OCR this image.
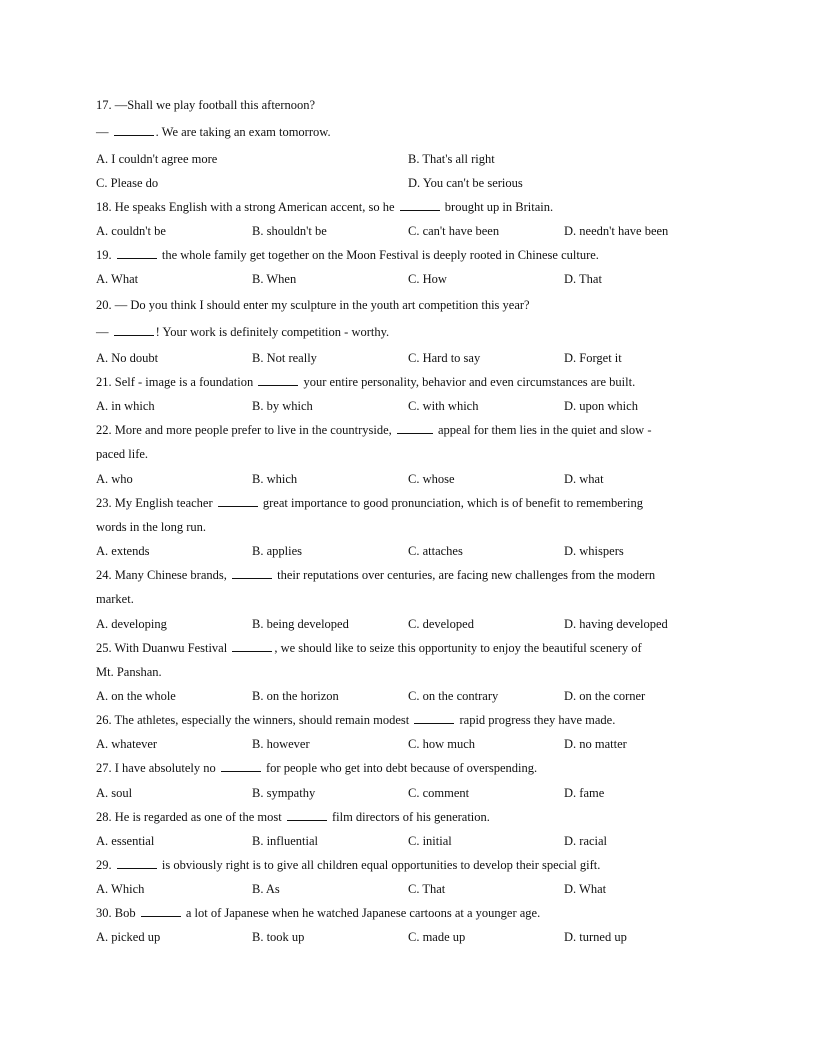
17. —Shall we play football this afternoon?
—	. We are taking an exam tomorrow.
A. I couldn't agree more	B. That's all right
C. Please do	D. You can't be serious
18. He speaks English with a strong American accent, so he	brought up in Britain.
A. couldn't be	B. shouldn't be	C. can't have been	D. needn't have been
19.	the whole family get together on the Moon Festival is deeply rooted in Chinese culture.
A. What	B. When	C. How	D. That
20. — Do you think I should enter my sculpture in the youth art competition this year?
—	! Your work is definitely competition - worthy.
A. No doubt	B. Not really	C. Hard to say	D. Forget it
21. Self - image is a foundation	your entire personality, behavior and even circumstances are built.
A. in which	B. by which	C. with which	D. upon which
22. More and more people prefer to live in the countryside,	appeal for them lies in the quiet and slow -
paced life.
A. who	B. which	C. whose	D. what
23. My English teacher	great importance to good pronunciation, which is of benefit to remembering
words in the long run.
A. extends	B. applies	C. attaches	D. whispers
24. Many Chinese brands,	their reputations over centuries, are facing new challenges from the modern
market.
A. developing	B. being developed	C. developed	D. having developed
25. With Duanwu Festival	, we should like to seize this opportunity to enjoy the beautiful scenery of
Mt. Panshan.
A. on the whole	B. on the horizon	C. on the contrary	D. on the corner
26. The athletes, especially the winners, should remain modest	rapid progress they have made.
A. whatever	B. however	C. how much	D. no matter
27. I have absolutely no	for people who get into debt because of overspending.
A. soul	B. sympathy	C. comment	D. fame
28. He is regarded as one of the most	film directors of his generation.
A. essential	B. influential	C. initial	D. racial
29.	is obviously right is to give all children equal opportunities to develop their special gift.
A. Which	B. As	C. That	D. What
30. Bob	a lot of Japanese when he watched Japanese cartoons at a younger age.
A. picked up	B. took up	C. made up	D. turned up
